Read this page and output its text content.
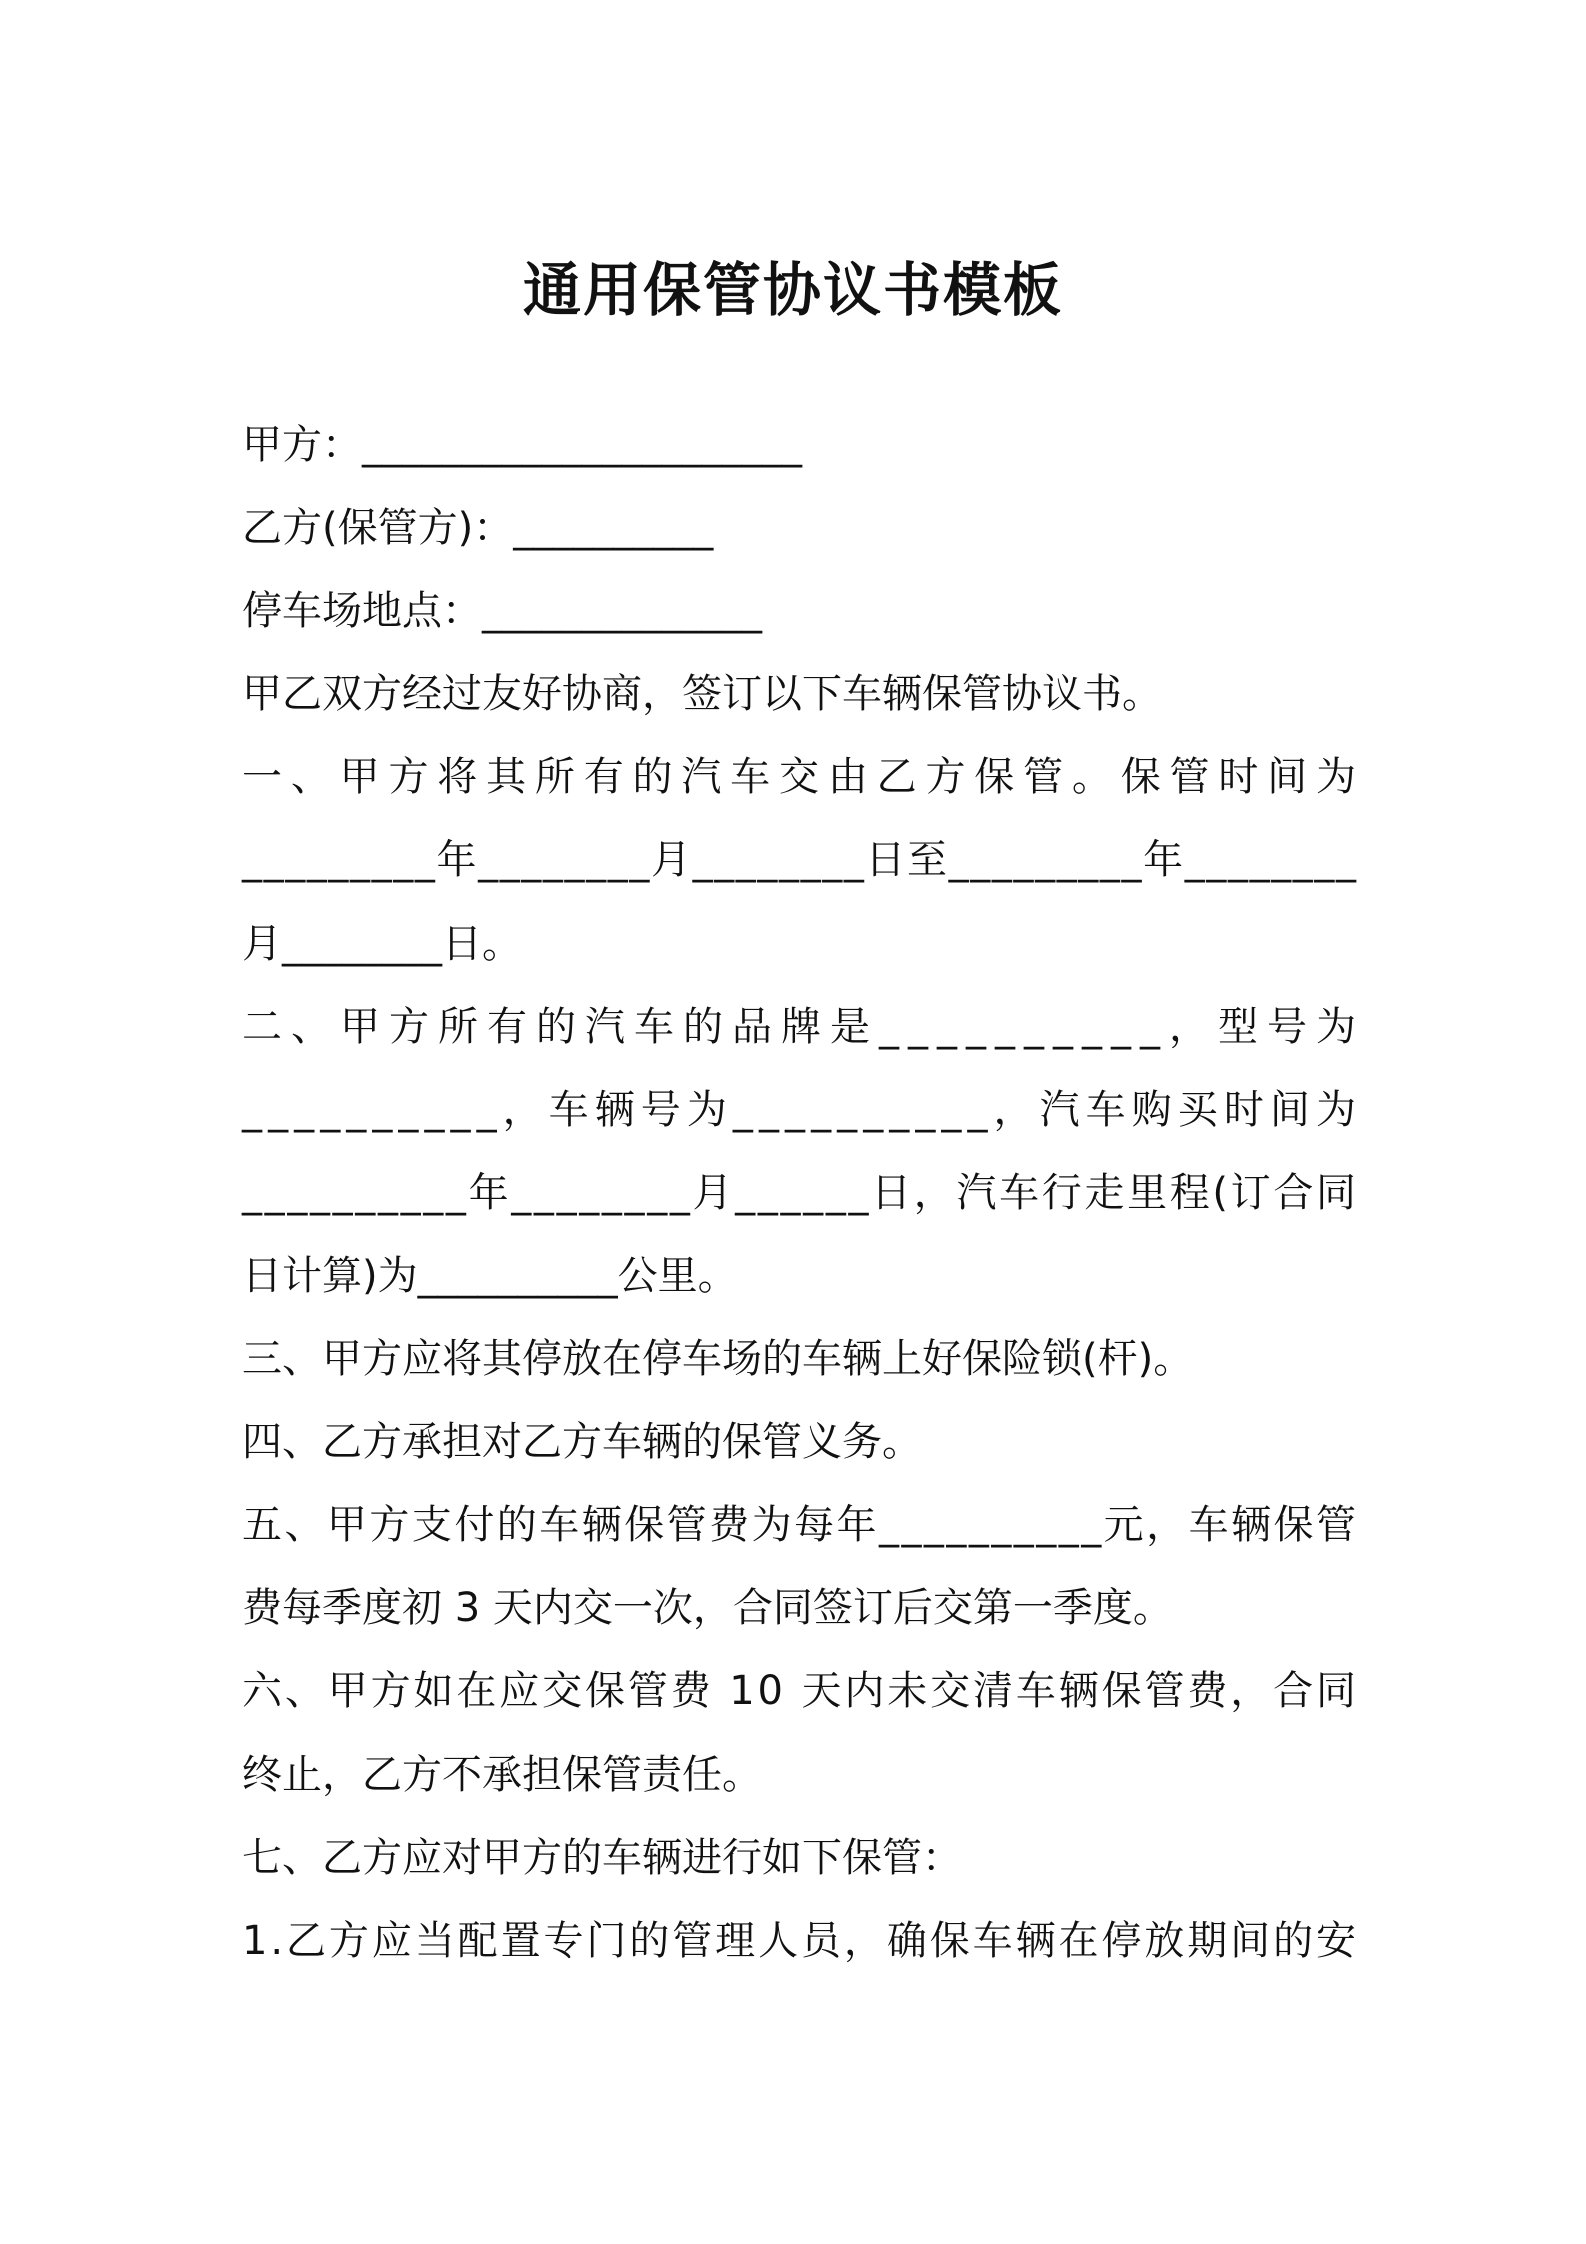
通用保管协议书模板
甲方：______________________
乙方(保管方)：__________
停车场地点：______________
甲乙双方经过友好协商，签订以下车辆保管协议书。
一、甲方将其所有的汽车交由乙方保管。保管时间为
_________年________月________日至_________年________
月________日。
二、甲方所有的汽车的品牌是__________，型号为
__________，车辆号为__________，汽车购买时间为
__________年________月______日，汽车行走里程(订合同
日计算)为__________公里。
三、甲方应将其停放在停车场的车辆上好保险锁(杆)。
四、乙方承担对乙方车辆的保管义务。
五、甲方支付的车辆保管费为每年__________元，车辆保管
费每季度初 3 天内交一次，合同签订后交第一季度。
六、甲方如在应交保管费 10 天内未交清车辆保管费，合同
终止，乙方不承担保管责任。
七、乙方应对甲方的车辆进行如下保管：
1.乙方应当配置专门的管理人员，确保车辆在停放期间的安
